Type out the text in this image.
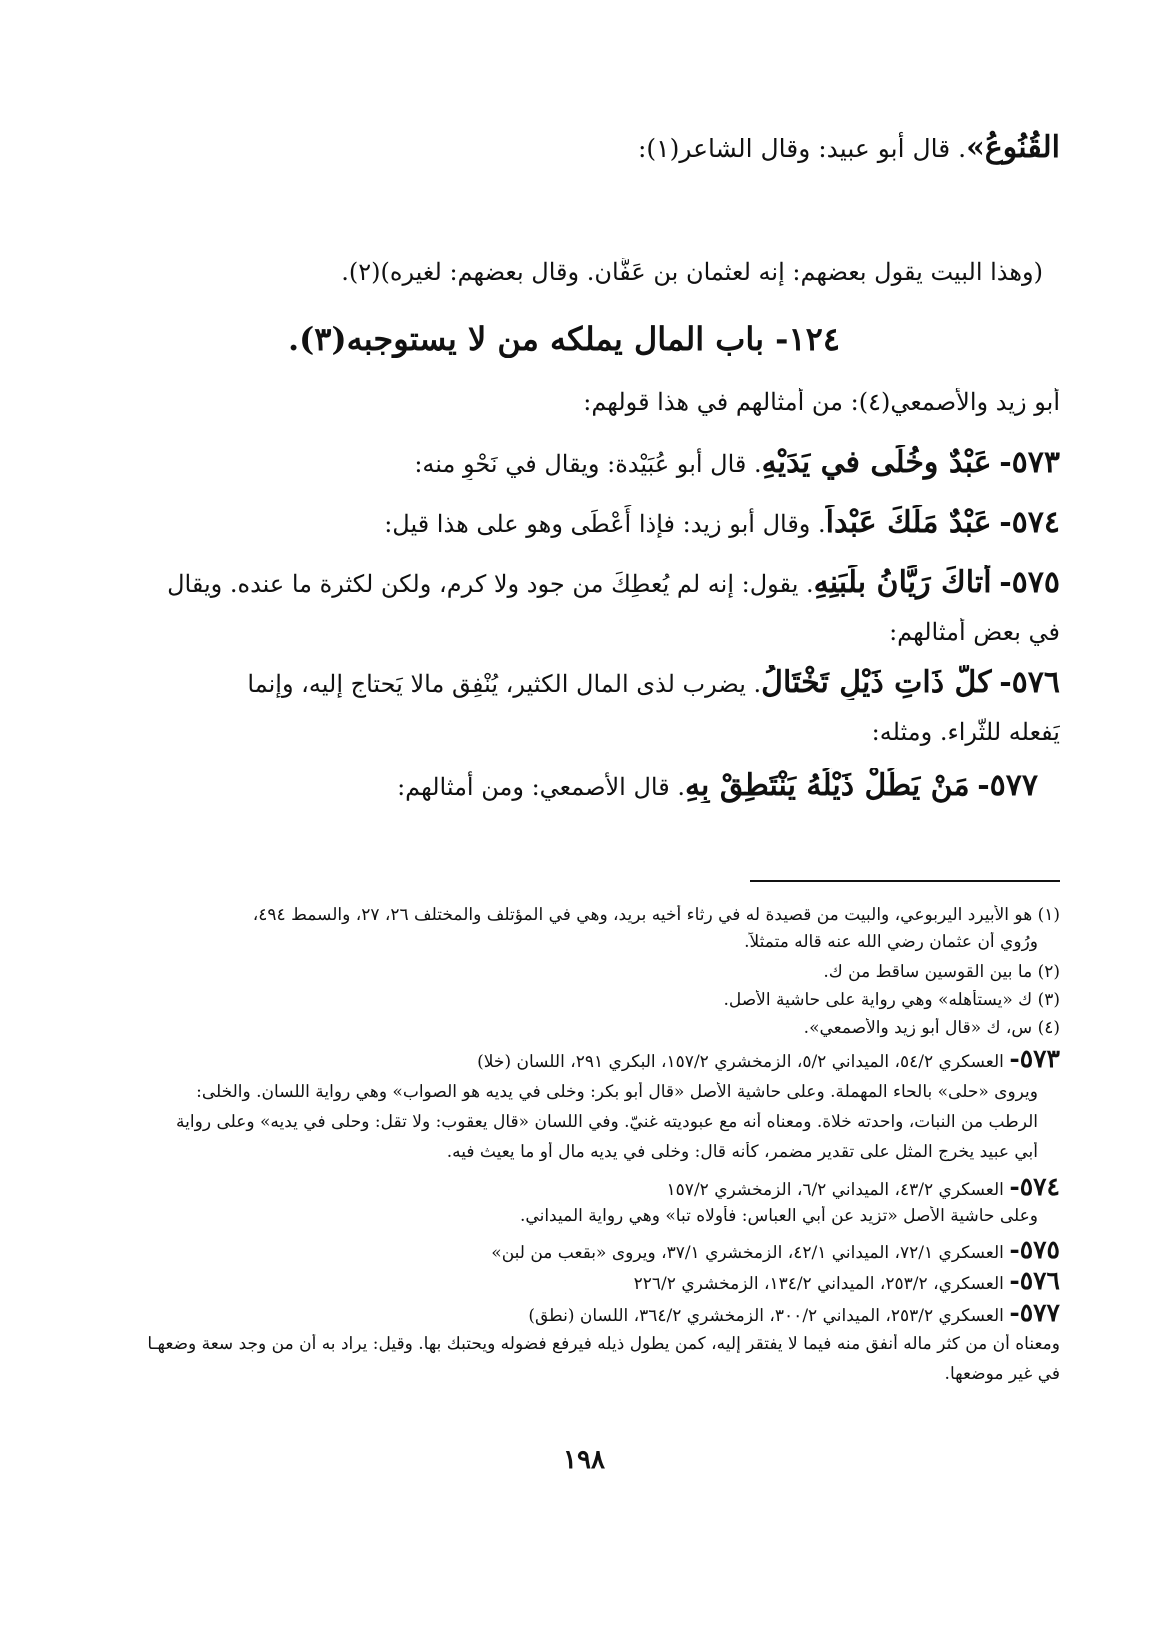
القُنُوعُ». قال أبو عبيد: وقال الشاعر(١):

(وهذا البيت يقول بعضهم: إنه لعثمان بن عَفَّان. وقال بعضهم: لغيره)(٢).

١٢٤- باب المال يملكه من لا يستوجبه(٣).

أبو زيد والأصمعي(٤): من أمثالهم في هذا قولهم:

٥٧٣- عَبْدٌ وخُلًى في يَدَيْهِ. قال أبو عُبَيْدة: ويقال في نَحْوِ منه:

٥٧٤- عَبْدٌ مَلَكَ عَبْداً. وقال أبو زيد: فإذا أَعْطَى وهو على هذا قيل:

٥٧٥- أَتاكَ رَيَّانُ بلَبَنِهِ. يقول: إنه لم يُعطِكَ من جود ولا كرم، ولكن لكثرة ما عنده. ويقال

في بعض أمثالهم:

٥٧٦- كلُّ ذَاتِ ذَيْلٍ تَخْتَالُ. يضرب لذى المال الكثير، يُنْفِق مالا يَحتاج إليه، وإنما

يَفعله للثَّراء. ومثله:

٥٧٧- مَنْ يَطُلْ ذَيْلُهُ يَنْتَطِقْ بِهِ. قال الأصمعي: ومن أمثالهم:

(١) هو الأبيرد اليربوعي، والبيت من قصيدة له في رثاء أخيه بريد، وهي في المؤتلف والمختلف ٢٦، ٢٧، والسمط ٤٩٤،

ورُوي أن عثمان رضي الله عنه قاله متمثلاً.

(٢) ما بين القوسين ساقط من ك.

(٣) ك «يستأهله» وهي رواية على حاشية الأصل.

(٤) س، ك «قال أبو زيد والأصمعي».

٥٧٣- العسكري ٥٤/٢، الميداني ٥/٢، الزمخشري ١٥٧/٢، البكري ٢٩١، اللسان (خلا)

ويروى «حلى» بالحاء المهملة. وعلى حاشية الأصل «قال أبو بكر: وخلى في يديه هو الصواب» وهي رواية اللسان. والخلى:

الرطب من النبات، واحدته خلاة. ومعناه أنه مع عبوديته غنيّ. وفي اللسان «قال يعقوب: ولا تقل: وحلى في يديه» وعلى رواية

أبي عبيد يخرج المثل على تقدير مضمر، كأنه قال: وخلى في يديه مال أو ما يعيث فيه.

٥٧٤- العسكري ٤٣/٢، الميداني ٦/٢، الزمخشري ١٥٧/٢

وعلى حاشية الأصل «تزيد عن أبي العباس: فأولاه تبا» وهي رواية الميداني.

٥٧٥- العسكري ٧٢/١، الميداني ٤٢/١، الزمخشري ٣٧/١، ويروى «بقعب من لبن»

٥٧٦- العسكري، ٢٥٣/٢، الميداني ١٣٤/٢، الزمخشري ٢٢٦/٢

٥٧٧- العسكري ٢٥٣/٢، الميداني ٣٠٠/٢، الزمخشري ٣٦٤/٢، اللسان (نطق)

ومعناه أن من كثر ماله أنفق منه فيما لا يفتقر إليه، كمن يطول ذيله فيرفع فضوله ويحتبك بها. وقيل: يراد به أن من وجد سعة وضعهـا

في غير موضعها.

١٩٨
